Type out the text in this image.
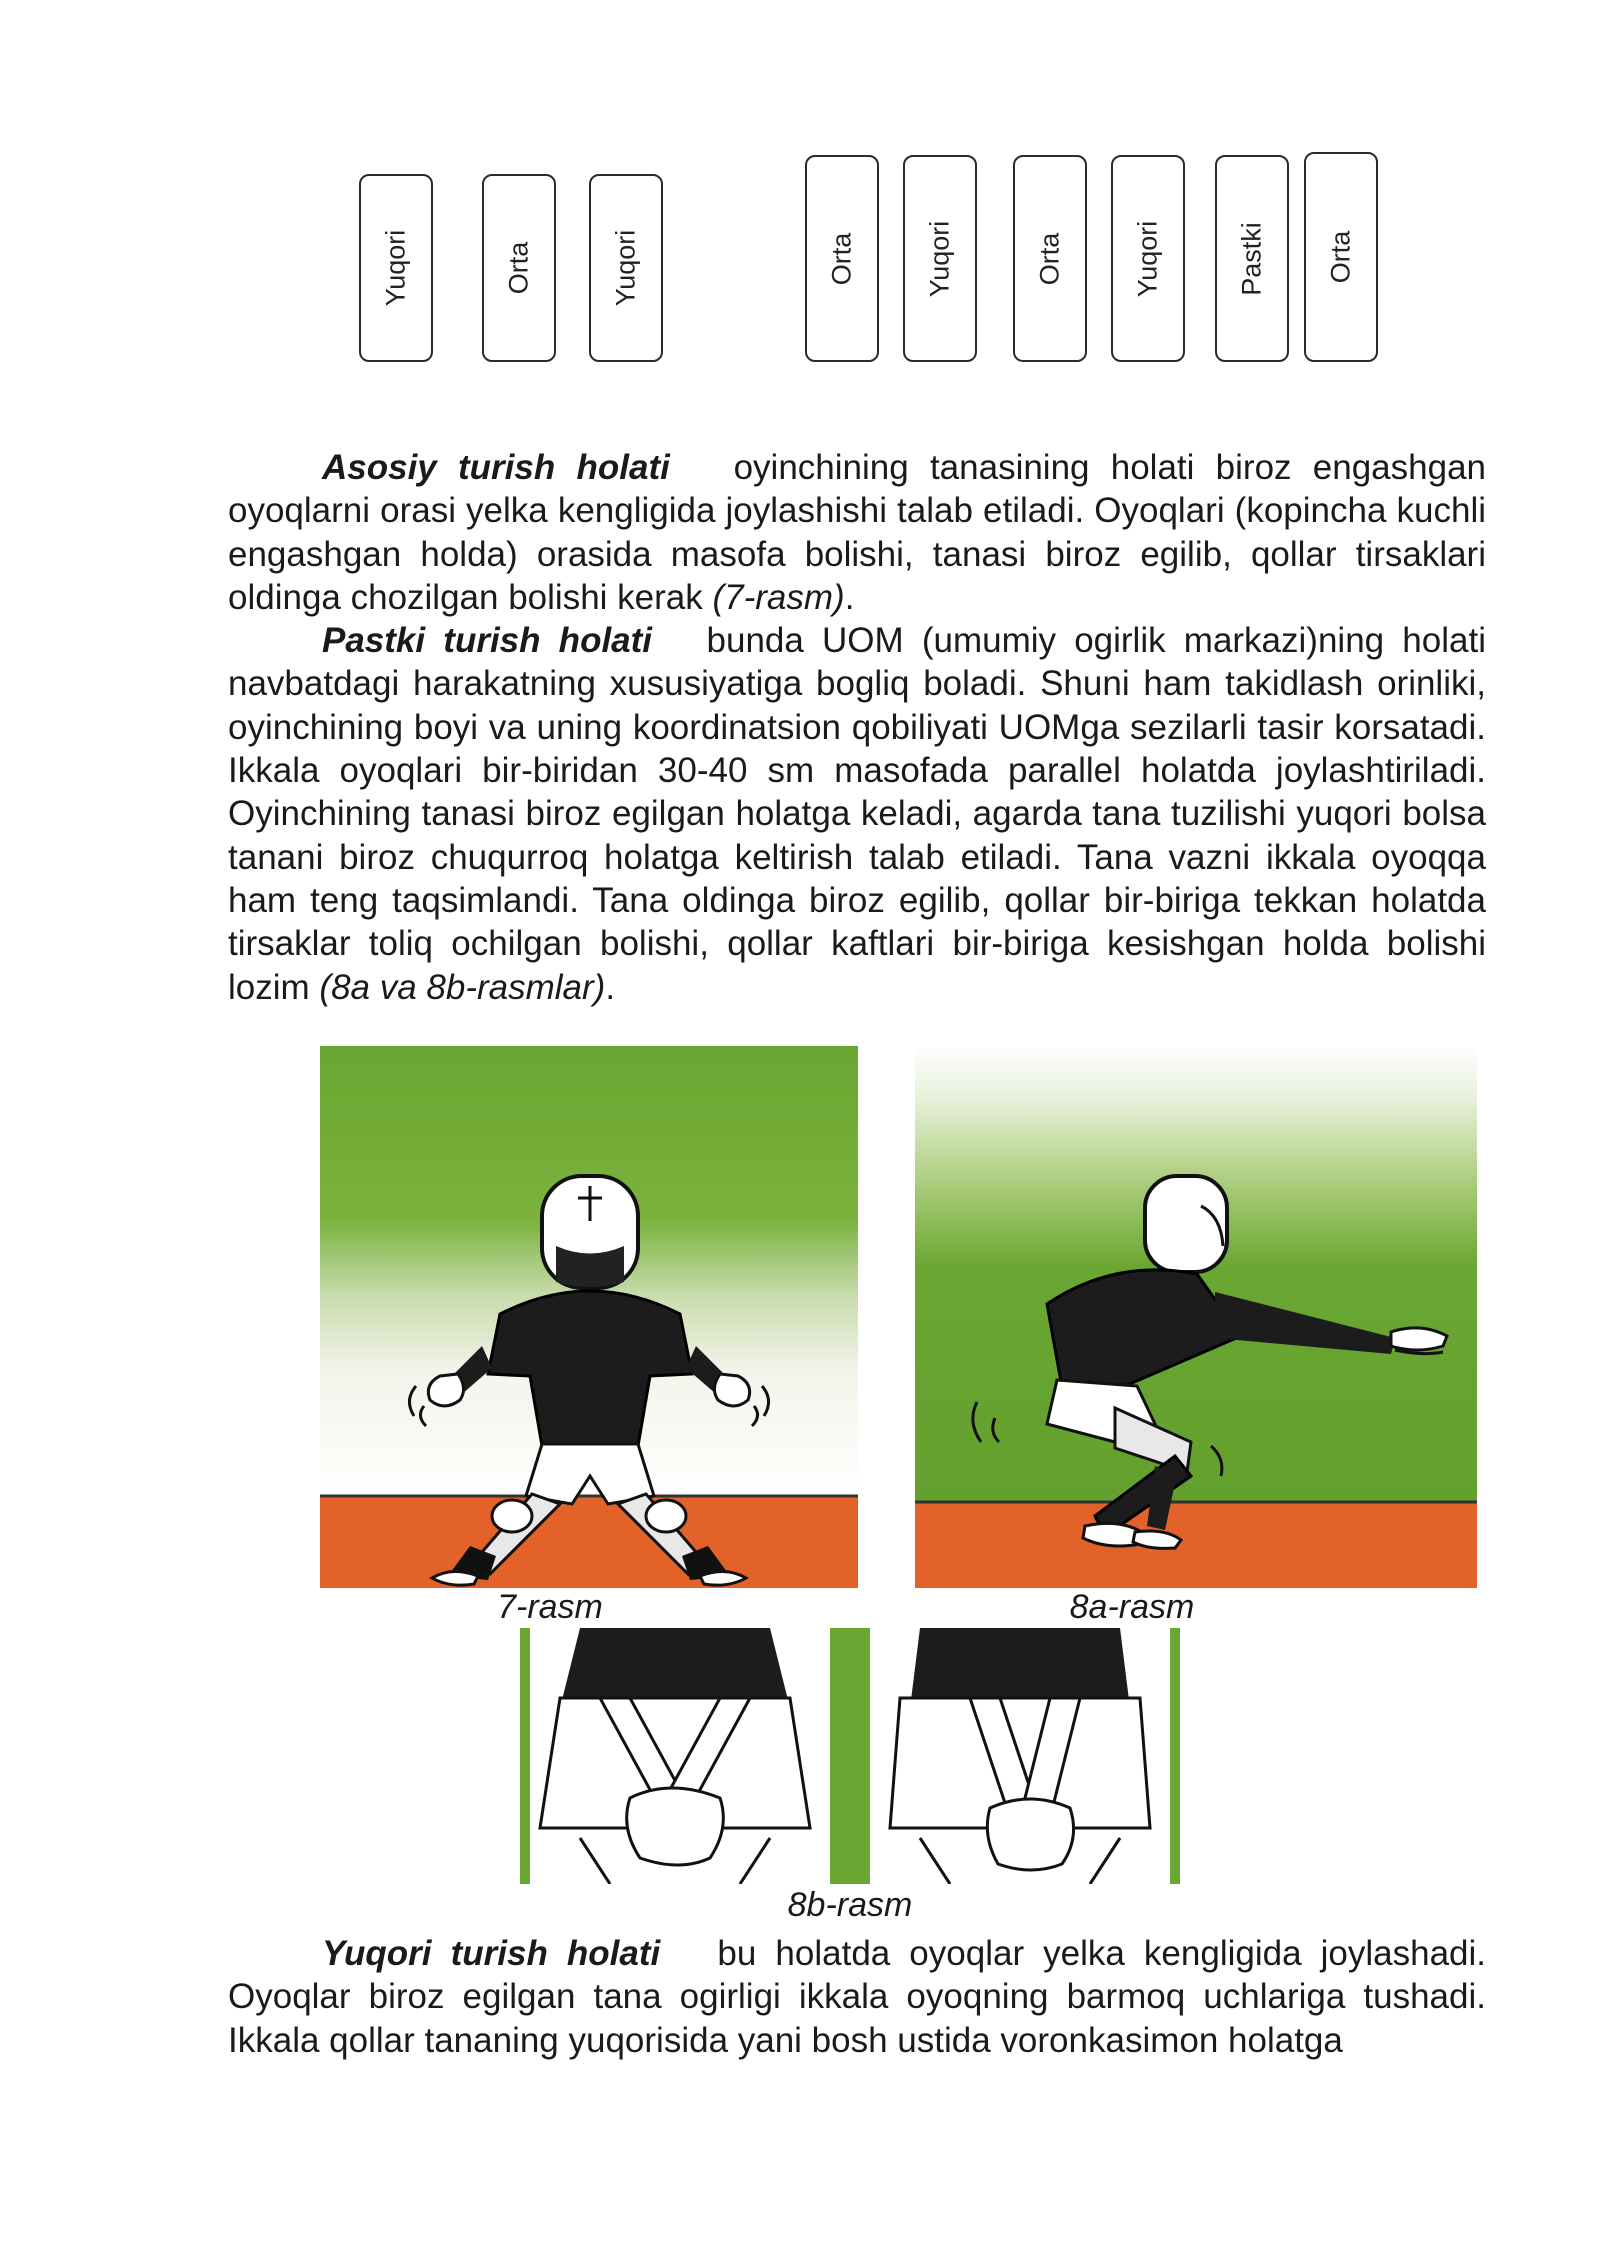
Yuqori	Orta	Yuqori	Orta	Yuqori	Orta	Yuqori	Pastki Orta

Asosiy turish holati oyinchining tanasining holati biroz engashgan oyoqlarni orasi yelka kengligida joylashishi talab etiladi. Oyoqlari (kopincha kuchli engashgan holda) orasida masofa bolishi, tanasi biroz egilib, qollar tirsaklari oldinga chozilgan bolishi kerak (7-rasm).

Pastki turish holati bunda UOM (umumiy ogirlik markazi)ning holati navbatdagi harakatning xususiyatiga bogliq boladi. Shuni ham takidlash orinliki, oyinchining boyi va uning koordinatsion qobiliyati UOMga sezilarli tasir korsatadi. Ikkala oyoqlari bir-biridan 30-40 sm masofada parallel holatda joylashtiriladi. Oyinchining tanasi biroz egilgan holatga keladi, agarda tana tuzilishi yuqori bolsa tanani biroz chuqurroq holatga keltirish talab etiladi. Tana vazni ikkala oyoqqa ham teng taqsimlandi. Tana oldinga biroz egilib, qollar bir-biriga tekkan holatda tirsaklar toliq ochilgan bolishi, qollar kaftlari bir-biriga kesishgan holda bolishi lozim (8a va 8b-rasmlar).

7-rasm	8a-rasm
8b-rasm

Yuqori turish holati bu holatda oyoqlar yelka kengligida joylashadi. Oyoqlar biroz egilgan tana ogirligi ikkala oyoqning barmoq uchlariga tushadi. Ikkala qollar tananing yuqorisida yani bosh ustida voronkasimon holatga
